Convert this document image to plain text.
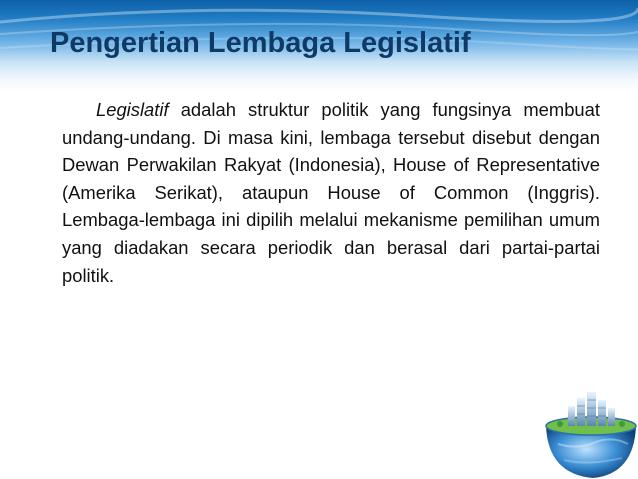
Pengertian Lembaga Legislatif

Legislatif adalah struktur politik yang fungsinya membuat undang-undang. Di masa kini, lembaga tersebut disebut dengan Dewan Perwakilan Rakyat (Indonesia), House of Representative (Amerika Serikat), ataupun House of Common (Inggris). Lembaga-lembaga ini dipilih melalui mekanisme pemilihan umum yang diadakan secara periodik dan berasal dari partai-partai politik.
